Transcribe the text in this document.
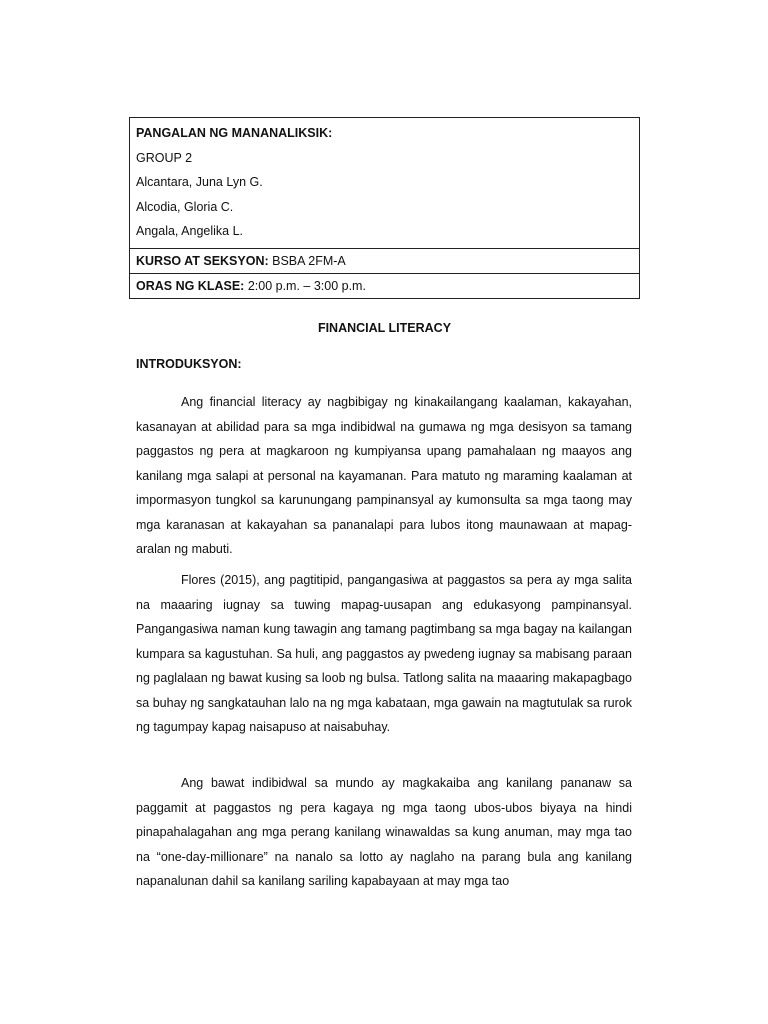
PANGALAN NG MANANALIKSIK:
GROUP 2
Alcantara, Juna Lyn G.
Alcodia, Gloria C.
Angala, Angelika L.
KURSO AT SEKSYON: BSBA 2FM-A
ORAS NG KLASE: 2:00 p.m. – 3:00 p.m.
FINANCIAL LITERACY
INTRODUKSYON:

Ang financial literacy ay nagbibigay ng kinakailangang kaalaman, kakayahan, kasanayan at abilidad para sa mga indibidwal na gumawa ng mga desisyon sa tamang paggastos ng pera at magkaroon ng kumpiyansa upang pamahalaan ng maayos ang kanilang mga salapi at personal na kayamanan. Para matuto ng maraming kaalaman at impormasyon tungkol sa karunungang pampinansyal ay kumonsulta sa mga taong may mga karanasan at kakayahan sa pananalapi para lubos itong maunawaan at mapag-aralan ng mabuti.

Flores (2015), ang pagtitipid, pangangasiwa at paggastos sa pera ay mga salita na maaaring iugnay sa tuwing mapag-uusapan ang edukasyong pampinansyal. Pangangasiwa naman kung tawagin ang tamang pagtimbang sa mga bagay na kailangan kumpara sa kagustuhan. Sa huli, ang paggastos ay pwedeng iugnay sa mabisang paraan ng paglalaan ng bawat kusing sa loob ng bulsa. Tatlong salita na maaaring makapagbago sa buhay ng sangkatauhan lalo na ng mga kabataan, mga gawain na magtutulak sa rurok ng tagumpay kapag naisapuso at naisabuhay.

Ang bawat indibidwal sa mundo ay magkakaiba ang kanilang pananaw sa paggamit at paggastos ng pera kagaya ng mga taong ubos-ubos biyaya na hindi pinapahalagahan ang mga perang kanilang winawaldas sa kung anuman, may mga tao na “one-day-millionare” na nanalo sa lotto ay naglaho na parang bula ang kanilang napanalunan dahil sa kanilang sariling kapabayaan at may mga tao
